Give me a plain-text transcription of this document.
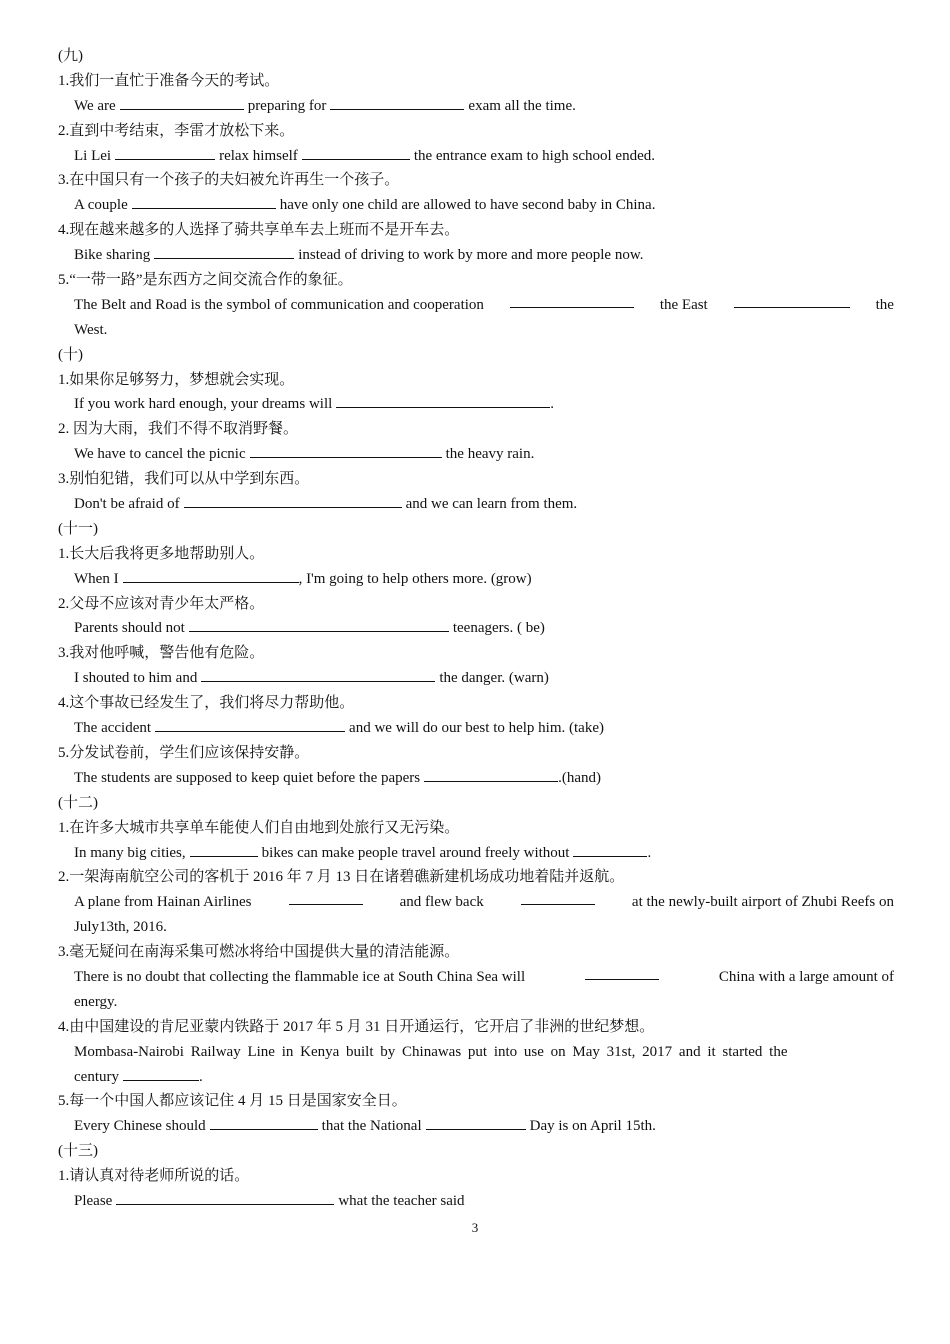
(九)
1.我们一直忙于准备今天的考试。
We are	preparing for	exam all the time.
2.直到中考结束，李雷才放松下来。
Li Lei	relax himself	the entrance exam to high school ended.
3.在中国只有一个孩子的夫妇被允许再生一个孩子。
A couple	have only one child are allowed to have second baby in China.
4.现在越来越多的人选择了骑共享单车去上班而不是开车去。
Bike sharing	instead of driving to work by more and more people now.
5.“一带一路”是东西方之间交流合作的象征。
The Belt and Road is the symbol of communication and cooperation	the East	the
West.
(十)
1.如果你足够努力，梦想就会实现。
If you work hard enough, your dreams will	.
2. 因为大雨，我们不得不取消野餐。
We have to cancel the picnic	the heavy rain.
3.别怕犯错，我们可以从中学到东西。
Don't be afraid of	and we can learn from them.
(十一)
1.长大后我将更多地帮助别人。
When I	, I'm going to help others more. (grow)
2.父母不应该对青少年太严格。
Parents should not	teenagers. ( be)
3.我对他呼喊，警告他有危险。
I shouted to him and	the danger. (warn)
4.这个事故已经发生了，我们将尽力帮助他。
The accident	and we will do our best to help him. (take)
5.分发试卷前，学生们应该保持安静。
The students are supposed to keep quiet before the papers	.(hand)
(十二)
1.在许多大城市共享单车能使人们自由地到处旅行又无污染。
In many big cities,	bikes can make people travel around freely without	.
2.一架海南航空公司的客机于 2016 年 7 月 13 日在诸碧礁新建机场成功地着陆并返航。
A plane from Hainan Airlines	and flew back	at the newly-built airport of Zhubi Reefs on
July13th, 2016.
3.毫无疑问在南海采集可燃冰将给中国提供大量的清洁能源。
There is no doubt that collecting the flammable ice at South China Sea will	China with a large amount of
energy.
4.由中国建设的肯尼亚蒙内铁路于 2017 年 5 月 31 日开通运行，它开启了非洲的世纪梦想。
Mombasa-Nairobi Railway Line in Kenya built by Chinawas put into use on May 31st, 2017 and it started the
century	.
5.每一个中国人都应该记住 4 月 15 日是国家安全日。
Every Chinese should	that the National	Day is on April 15th.
(十三)
1.请认真对待老师所说的话。
Please	what the teacher said
3
